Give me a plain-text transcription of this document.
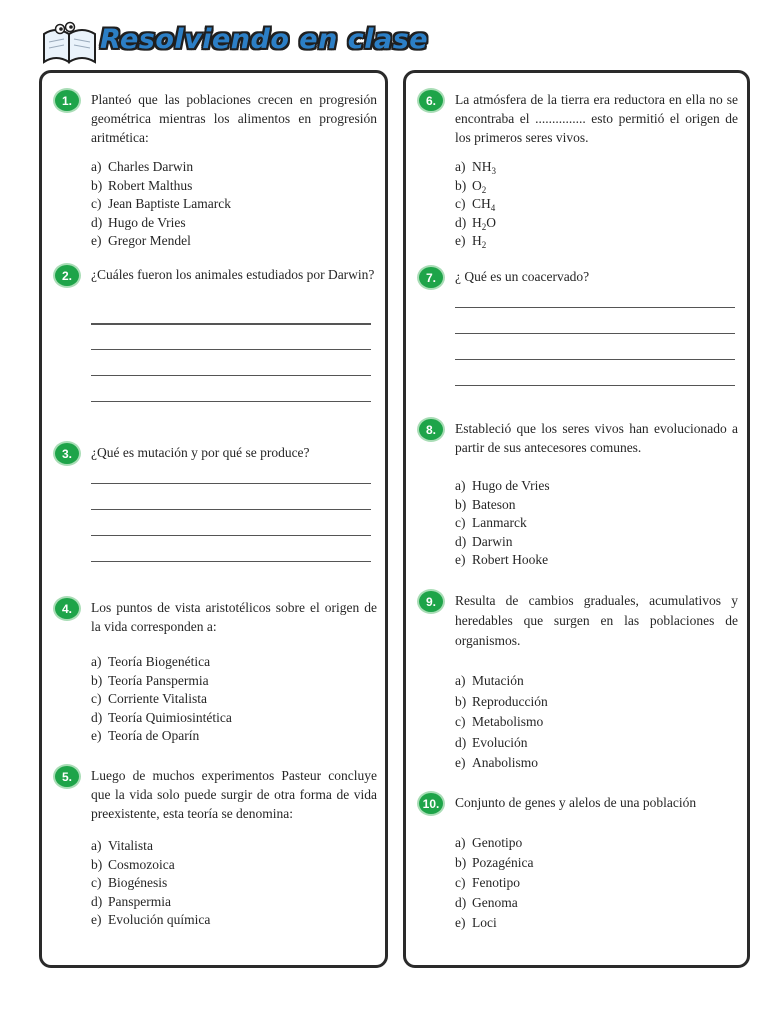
Resolviendo en clase
1.	Planteó que las poblaciones crecen en progresión geométrica mientras los alimentos en progresión aritmética:
a) Charles Darwin
b) Robert Malthus
c) Jean Baptiste Lamarck
d) Hugo de Vries
e) Gregor Mendel
2.	¿Cuáles fueron los animales estudiados por Darwin?
3.	¿Qué es mutación y por qué se produce?
4.	Los puntos de vista aristotélicos sobre el origen de la vida corresponden a:
a) Teoría Biogenética
b) Teoría Panspermia
c) Corriente Vitalista
d) Teoría Quimiosintética
e) Teoría de Oparín
5.	Luego de muchos experimentos Pasteur concluye que la vida solo puede surgir de otra forma de vida preexistente, esta teoría se denomina:
a) Vitalista
b) Cosmozoica
c) Biogénesis
d) Panspermia
e) Evolución química
6.	La atmósfera de la tierra era reductora en ella no se encontraba el ............... esto permitió el origen de los primeros seres vivos.
a) $NH_3$
b) $O_2$
c) $CH_4$
d) $H_2O$
e) $H_2$
7.	¿ Qué es un coacervado?
8.	Estableció que los seres vivos han evolucionado a partir de sus antecesores comunes.
a) Hugo de Vries
b) Bateson
c) Lanmarck
d) Darwin
e) Robert Hooke
9.	Resulta de cambios graduales, acumulativos y heredables que surgen en las poblaciones de organismos.
a) Mutación
b) Reproducción
c) Metabolismo
d) Evolución
e) Anabolismo
10. Conjunto de genes y alelos de una población
a) Genotipo
b) Pozagénica
c) Fenotipo
d) Genoma
e) Loci
